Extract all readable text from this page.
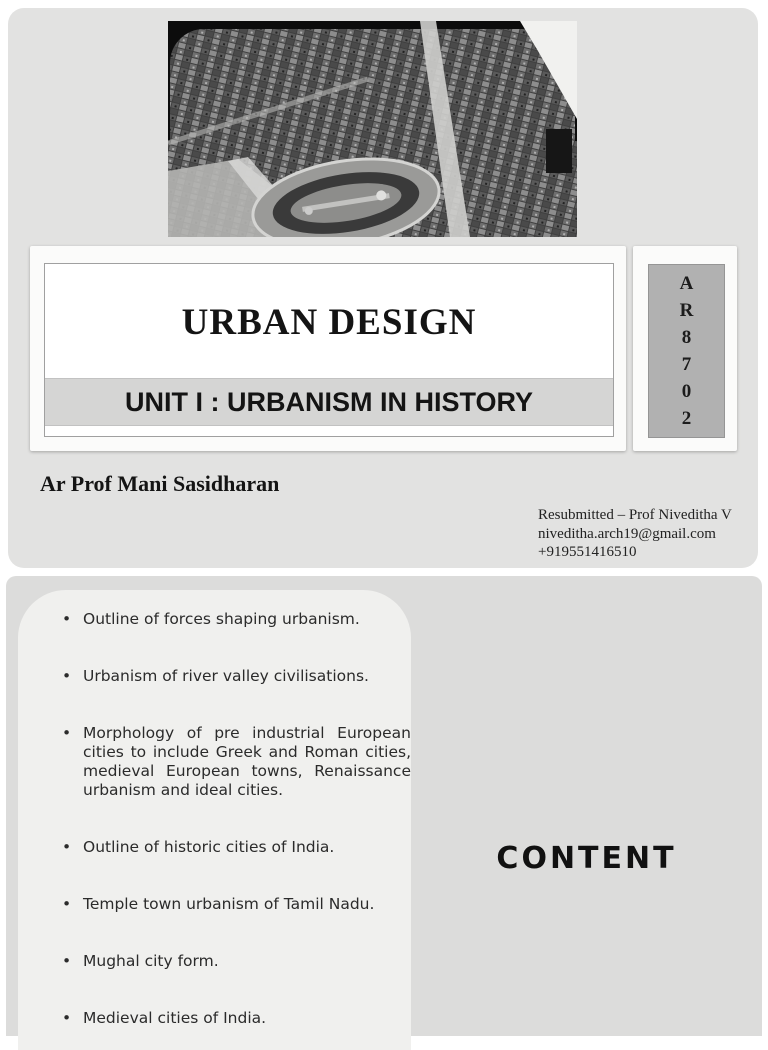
URBAN DESIGN
UNIT I : URBANISM IN HISTORY
A
R
8
7
0
2
Ar Prof Mani Sasidharan
Resubmitted – Prof Niveditha V
niveditha.arch19@gmail.com
+919551416510
• Outline of forces shaping urbanism.
• Urbanism of river valley civilisations.
• Morphology of pre industrial European cities to include Greek and Roman cities, medieval European towns, Renaissance urbanism and ideal cities.
• Outline of historic cities of India.
• Temple town urbanism of Tamil Nadu.
• Mughal city form.
• Medieval cities of India.
CONTENT
